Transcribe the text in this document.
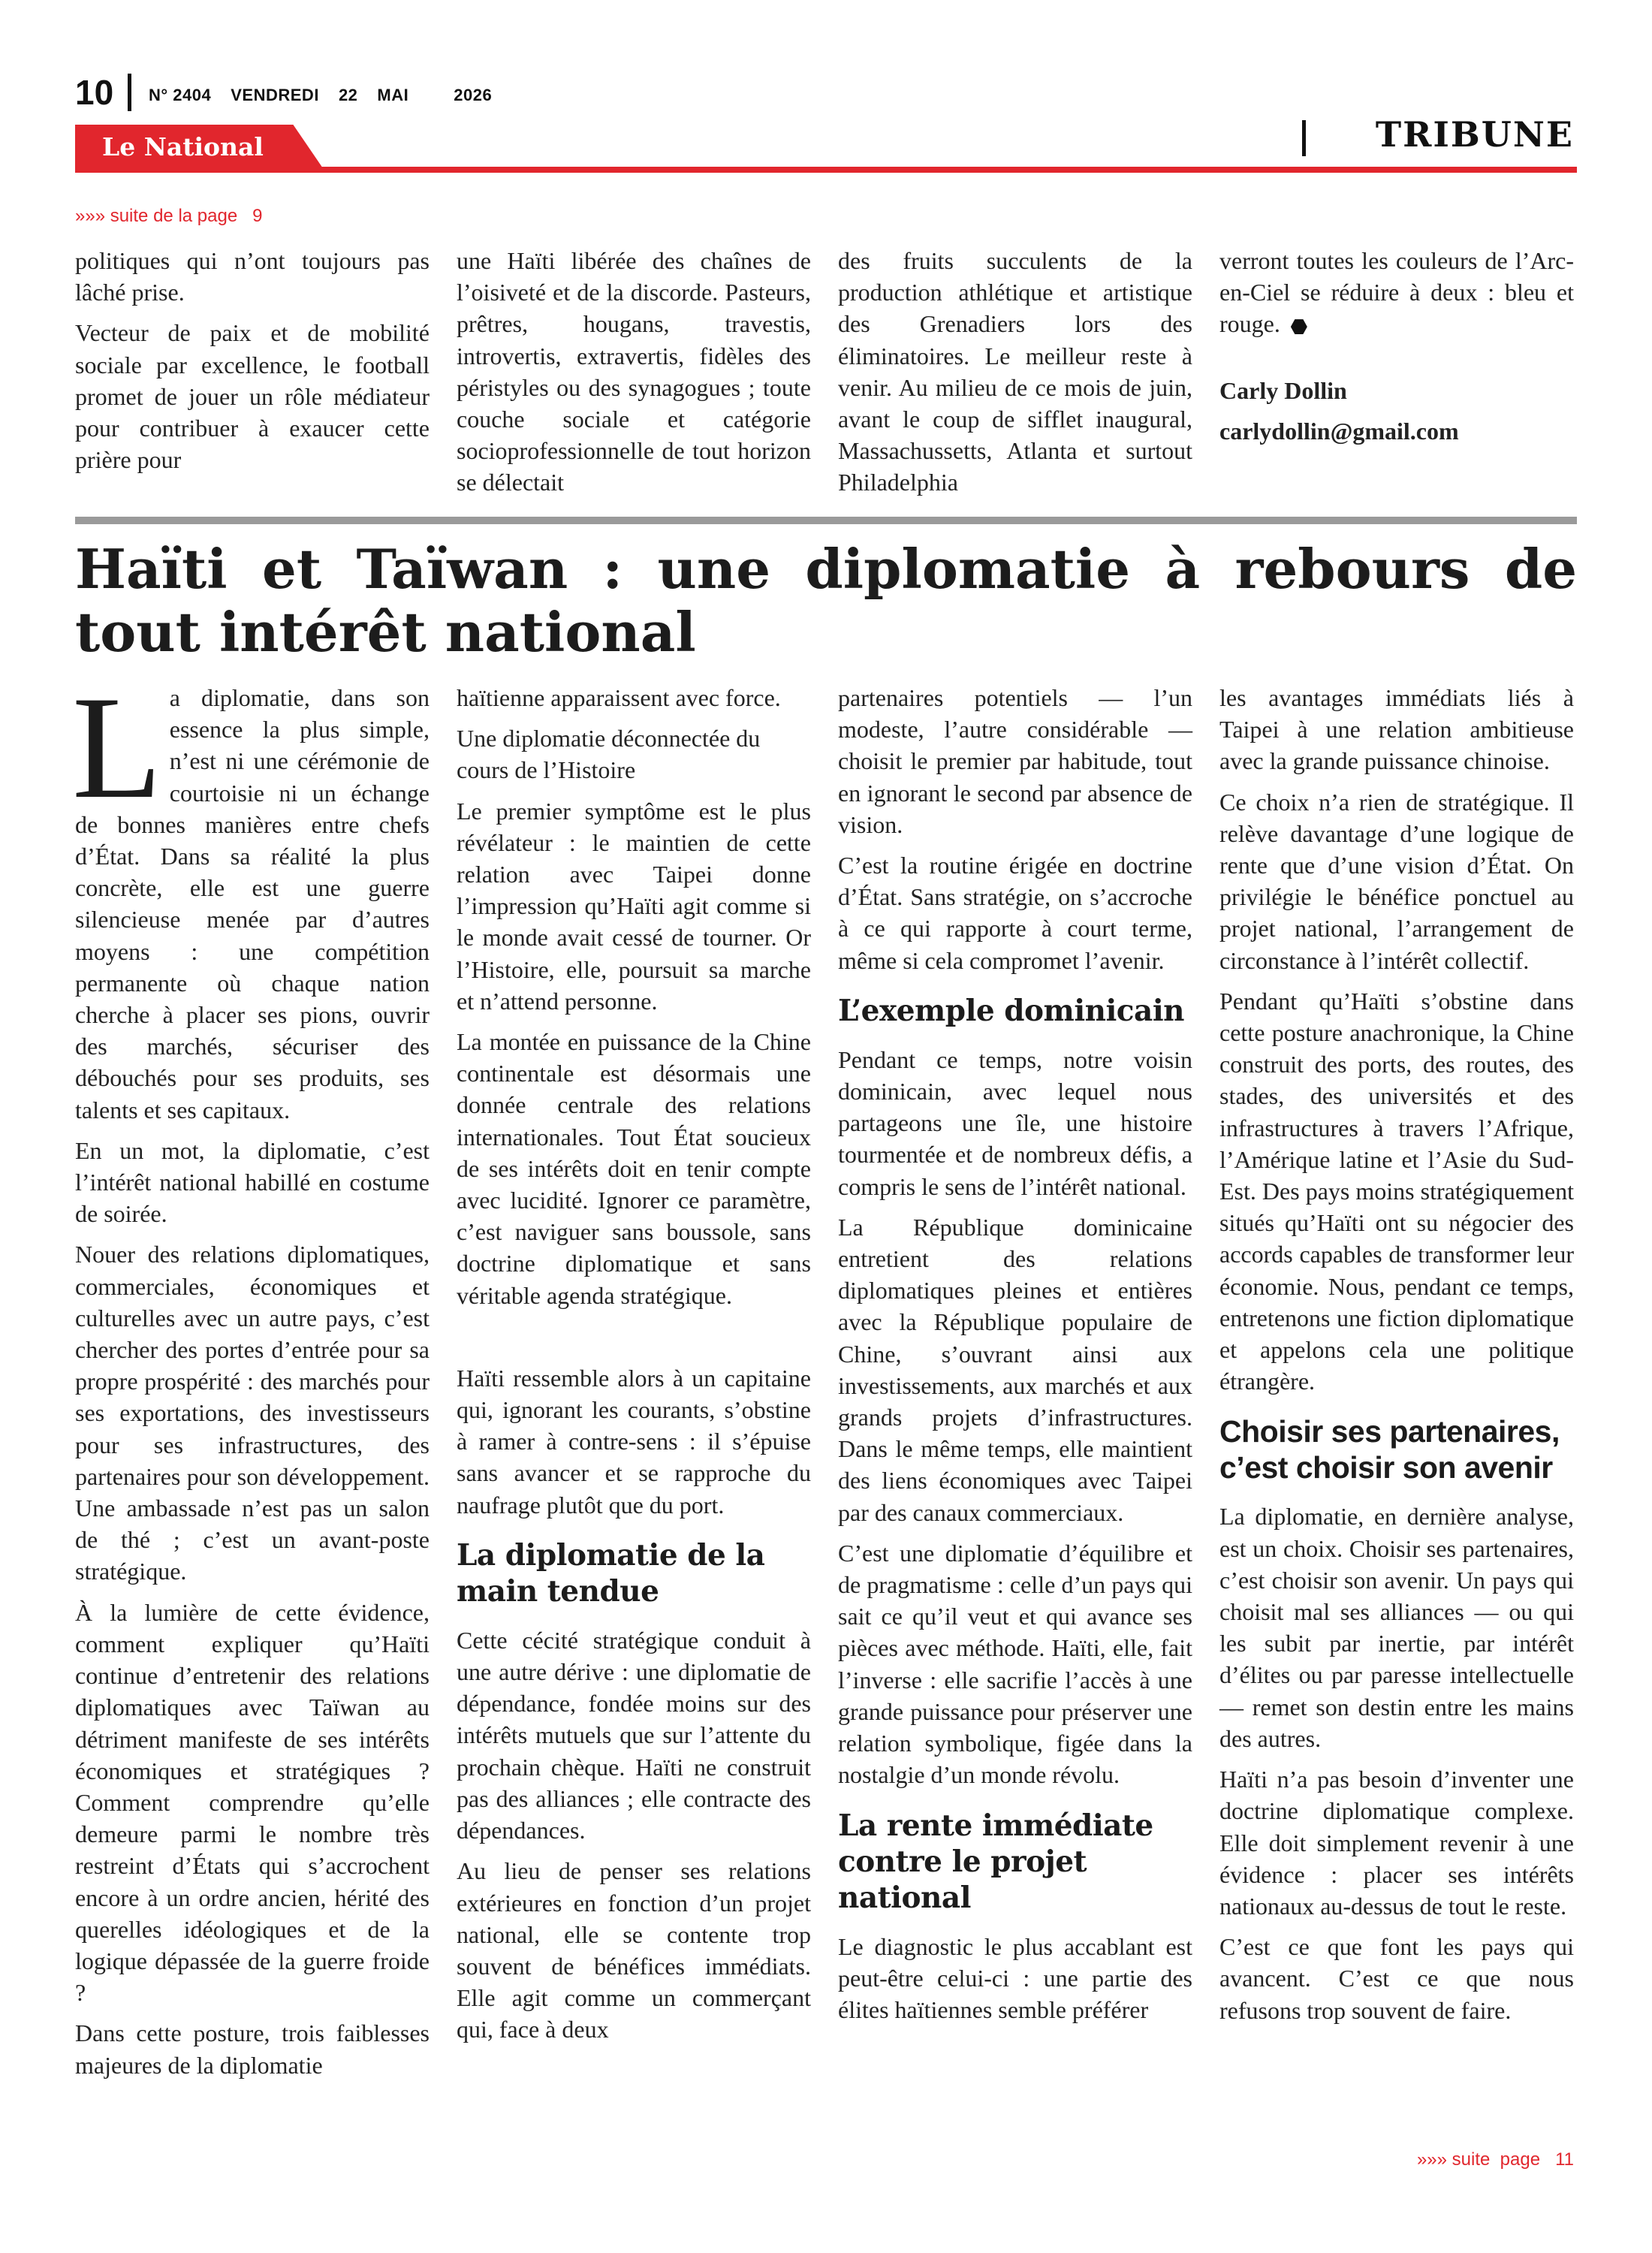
10 N° 2404 VENDREDI 22 MAI	2026
Le National	TRIBUNE
»»» suite de la page   9

politiques qui n’ont toujours pas lâché prise.

Vecteur de paix et de mobilité sociale par excellence, le football promet de jouer un rôle médiateur pour contribuer à exaucer cette prière pour

une Haïti libérée des chaînes de l’oisiveté et de la discorde. Pasteurs, prêtres, hougans, travestis, introvertis, extravertis, fidèles des péristyles ou des synagogues ; toute couche sociale et catégorie socioprofessionnelle de tout horizon se délectait

des fruits succulents de la production athlétique et artistique des Grenadiers lors des éliminatoires. Le meilleur reste à venir. Au milieu de ce mois de juin, avant le coup de sifflet inaugural, Massachussetts, Atlanta et surtout Philadelphia

verront toutes les couleurs de l’Arc-en-Ciel se réduire à deux : bleu et rouge.

Carly Dollin
carlydollin@gmail.com
Haïti et Taïwan : une diplomatie à rebours de tout intérêt national

La diplomatie, dans son essence la plus simple, n’est ni une cérémonie de courtoisie ni un échange de bonnes manières entre chefs d’État. Dans sa réalité la plus concrète, elle est une guerre silencieuse menée par d’autres moyens : une compétition permanente où chaque nation cherche à placer ses pions, ouvrir des marchés, sécuriser des débouchés pour ses produits, ses talents et ses capitaux.

En un mot, la diplomatie, c’est l’intérêt national habillé en costume de soirée.

Nouer des relations diplomatiques, commerciales, économiques et culturelles avec un autre pays, c’est chercher des portes d’entrée pour sa propre prospérité : des marchés pour ses exportations, des investisseurs pour ses infrastructures, des partenaires pour son développement. Une ambassade n’est pas un salon de thé ; c’est un avant-poste stratégique.

À la lumière de cette évidence, comment expliquer qu’Haïti continue d’entretenir des relations diplomatiques avec Taïwan au détriment manifeste de ses intérêts économiques et stratégiques ? Comment comprendre qu’elle demeure parmi le nombre très restreint d’États qui s’accrochent encore à un ordre ancien, hérité des querelles idéologiques et de la logique dépassée de la guerre froide ?

Dans cette posture, trois faiblesses majeures de la diplomatie

haïtienne apparaissent avec force.

Une diplomatie déconnectée du cours de l’Histoire

Le premier symptôme est le plus révélateur : le maintien de cette relation avec Taipei donne l’impression qu’Haïti agit comme si le monde avait cessé de tourner. Or l’Histoire, elle, poursuit sa marche et n’attend personne.

La montée en puissance de la Chine continentale est désormais une donnée centrale des relations internationales. Tout État soucieux de ses intérêts doit en tenir compte avec lucidité. Ignorer ce paramètre, c’est naviguer sans boussole, sans doctrine diplomatique et sans véritable agenda stratégique.

Haïti ressemble alors à un capitaine qui, ignorant les courants, s’obstine à ramer à contre-sens : il s’épuise sans avancer et se rapproche du naufrage plutôt que du port.

La diplomatie de la main tendue

Cette cécité stratégique conduit à une autre dérive : une diplomatie de dépendance, fondée moins sur des intérêts mutuels que sur l’attente du prochain chèque. Haïti ne construit pas des alliances ; elle contracte des dépendances.

Au lieu de penser ses relations extérieures en fonction d’un projet national, elle se contente trop souvent de bénéfices immédiats. Elle agit comme un commerçant qui, face à deux

partenaires potentiels — l’un modeste, l’autre considérable — choisit le premier par habitude, tout en ignorant le second par absence de vision.

C’est la routine érigée en doctrine d’État. Sans stratégie, on s’accroche à ce qui rapporte à court terme, même si cela compromet l’avenir.

L’exemple dominicain

Pendant ce temps, notre voisin dominicain, avec lequel nous partageons une île, une histoire tourmentée et de nombreux défis, a compris le sens de l’intérêt national.

La République dominicaine entretient des relations diplomatiques pleines et entières avec la République populaire de Chine, s’ouvrant ainsi aux investissements, aux marchés et aux grands projets d’infrastructures. Dans le même temps, elle maintient des liens économiques avec Taipei par des canaux commerciaux.

C’est une diplomatie d’équilibre et de pragmatisme : celle d’un pays qui sait ce qu’il veut et qui avance ses pièces avec méthode. Haïti, elle, fait l’inverse : elle sacrifie l’accès à une grande puissance pour préserver une relation symbolique, figée dans la nostalgie d’un monde révolu.

La rente immédiate contre le projet national

Le diagnostic le plus accablant est peut-être celui-ci : une partie des élites haïtiennes semble préférer

les avantages immédiats liés à Taipei à une relation ambitieuse avec la grande puissance chinoise.

Ce choix n’a rien de stratégique. Il relève davantage d’une logique de rente que d’une vision d’État. On privilégie le bénéfice ponctuel au projet national, l’arrangement de circonstance à l’intérêt collectif.

Pendant qu’Haïti s’obstine dans cette posture anachronique, la Chine construit des ports, des routes, des stades, des universités et des infrastructures à travers l’Afrique, l’Amérique latine et l’Asie du Sud-Est. Des pays moins stratégiquement situés qu’Haïti ont su négocier des accords capables de transformer leur économie. Nous, pendant ce temps, entretenons une fiction diplomatique et appelons cela une politique étrangère.

Choisir ses partenaires, c’est choisir son avenir

La diplomatie, en dernière analyse, est un choix. Choisir ses partenaires, c’est choisir son avenir. Un pays qui choisit mal ses alliances — ou qui les subit par inertie, par intérêt d’élites ou par paresse intellectuelle — remet son destin entre les mains des autres.

Haïti n’a pas besoin d’inventer une doctrine diplomatique complexe. Elle doit simplement revenir à une évidence : placer ses intérêts nationaux au-dessus de tout le reste.

C’est ce que font les pays qui avancent. C’est ce que nous refusons trop souvent de faire.

»»» suite  page   11
